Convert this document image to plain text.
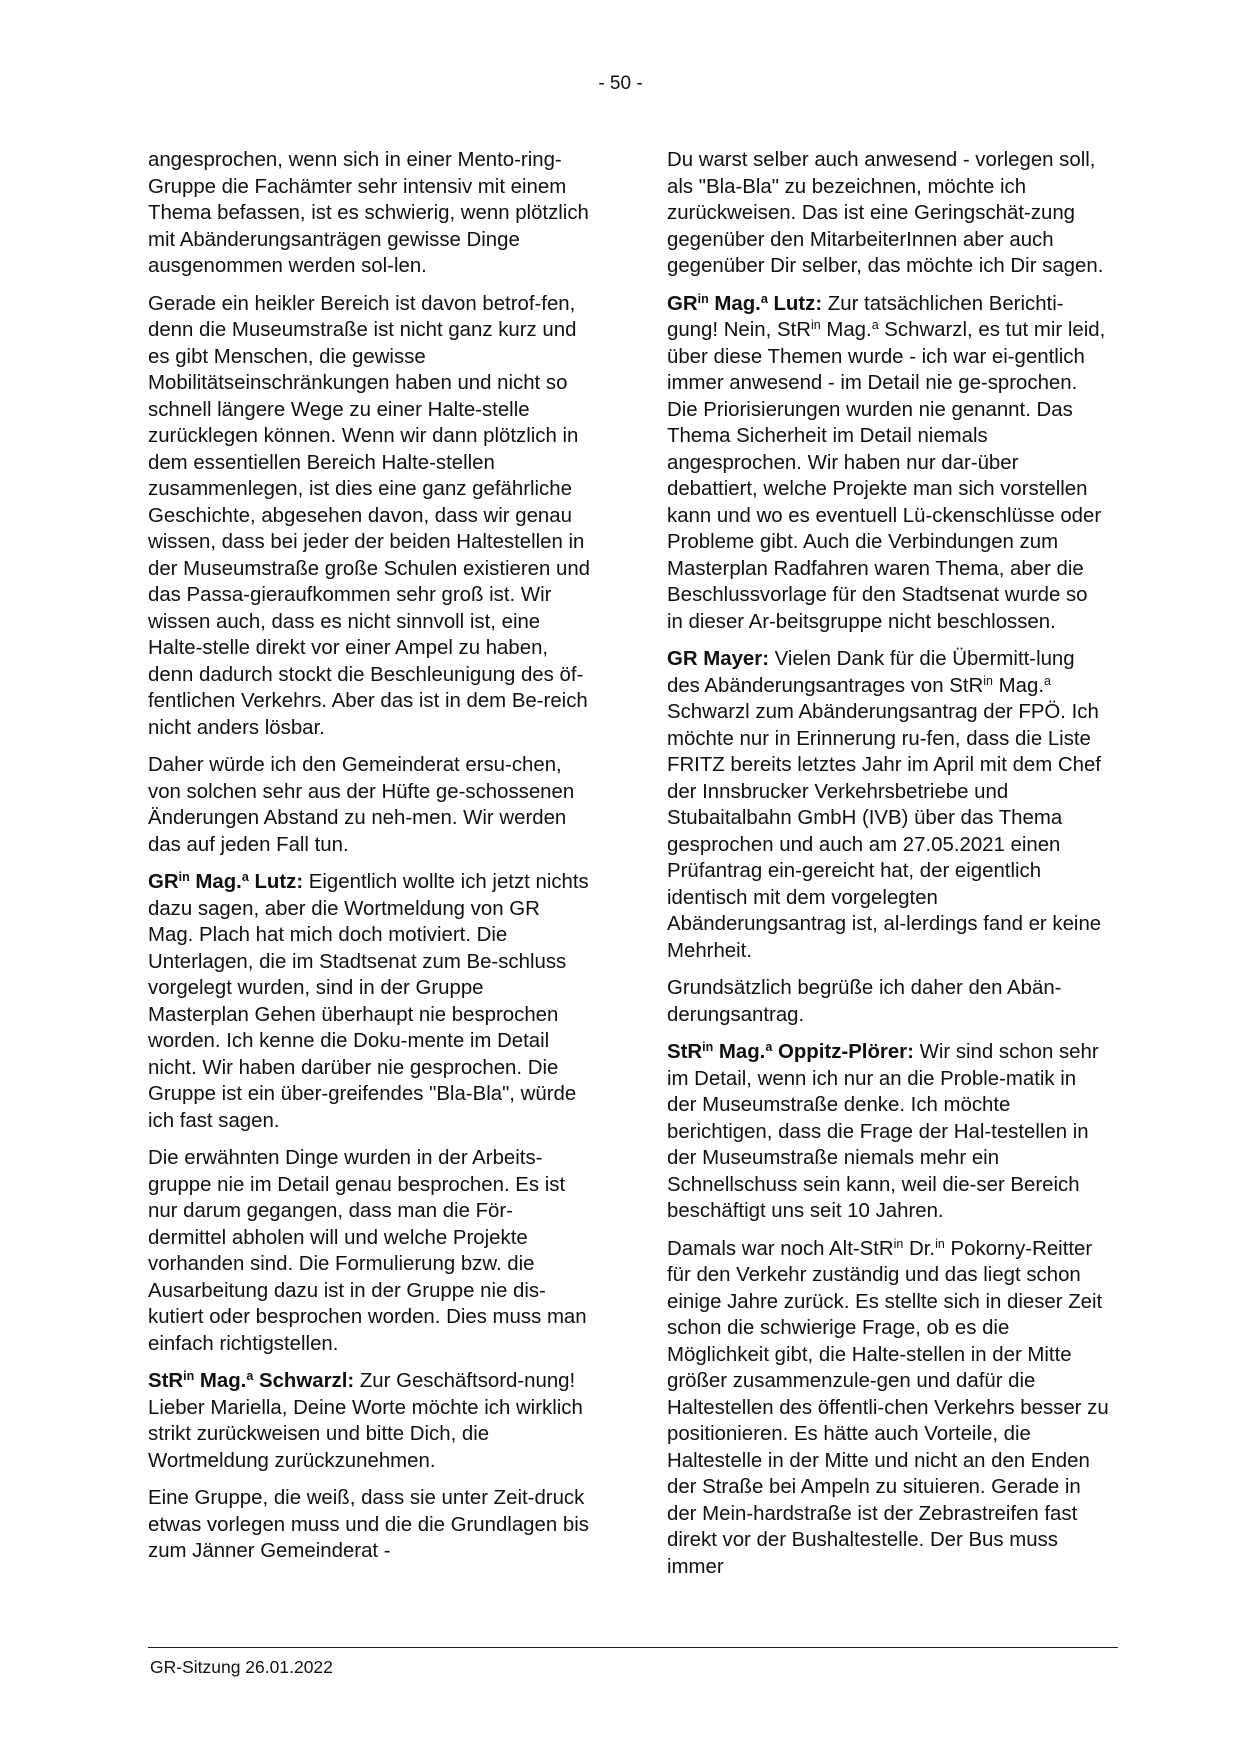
- 50 -

angesprochen, wenn sich in einer Mento-ring-Gruppe die Fachämter sehr intensiv mit einem Thema befassen, ist es schwierig, wenn plötzlich mit Abänderungsanträgen gewisse Dinge ausgenommen werden sol-len.

Gerade ein heikler Bereich ist davon betrof-fen, denn die Museumstraße ist nicht ganz kurz und es gibt Menschen, die gewisse Mobilitätseinschränkungen haben und nicht so schnell längere Wege zu einer Halte-stelle zurücklegen können. Wenn wir dann plötzlich in dem essentiellen Bereich Halte-stellen zusammenlegen, ist dies eine ganz gefährliche Geschichte, abgesehen davon, dass wir genau wissen, dass bei jeder der beiden Haltestellen in der Museumstraße große Schulen existieren und das Passa-gieraufkommen sehr groß ist. Wir wissen auch, dass es nicht sinnvoll ist, eine Halte-stelle direkt vor einer Ampel zu haben, denn dadurch stockt die Beschleunigung des öf-fentlichen Verkehrs. Aber das ist in dem Be-reich nicht anders lösbar.

Daher würde ich den Gemeinderat ersu-chen, von solchen sehr aus der Hüfte ge-schossenen Änderungen Abstand zu neh-men. Wir werden das auf jeden Fall tun.

$GR^{in}$ Mag.$^a$ Lutz: Eigentlich wollte ich jetzt nichts dazu sagen, aber die Wortmeldung von GR Mag. Plach hat mich doch motiviert. Die Unterlagen, die im Stadtsenat zum Be-schluss vorgelegt wurden, sind in der Gruppe Masterplan Gehen überhaupt nie besprochen worden. Ich kenne die Doku-mente im Detail nicht. Wir haben darüber nie gesprochen. Die Gruppe ist ein über-greifendes "Bla-Bla", würde ich fast sagen.

Die erwähnten Dinge wurden in der Arbeits-gruppe nie im Detail genau besprochen. Es ist nur darum gegangen, dass man die För-dermittel abholen will und welche Projekte vorhanden sind. Die Formulierung bzw. die Ausarbeitung dazu ist in der Gruppe nie dis-kutiert oder besprochen worden. Dies muss man einfach richtigstellen.

StR$^{in}$ Mag.$^a$ Schwarzl: Zur Geschäftsord-nung! Lieber Mariella, Deine Worte möchte ich wirklich strikt zurückweisen und bitte Dich, die Wortmeldung zurückzunehmen.

Eine Gruppe, die weiß, dass sie unter Zeit-druck etwas vorlegen muss und die die Grundlagen bis zum Jänner Gemeinderat -

Du warst selber auch anwesend - vorlegen soll, als "Bla-Bla" zu bezeichnen, möchte ich zurückweisen. Das ist eine Geringschät-zung gegenüber den MitarbeiterInnen aber auch gegenüber Dir selber, das möchte ich Dir sagen.

$GR^{in}$ Mag.$^a$ Lutz: Zur tatsächlichen Berichti-gung! Nein, StR$^{in}$ Mag.$^a$ Schwarzl, es tut mir leid, über diese Themen wurde - ich war ei-gentlich immer anwesend - im Detail nie ge-sprochen. Die Priorisierungen wurden nie genannt. Das Thema Sicherheit im Detail niemals angesprochen. Wir haben nur dar-über debattiert, welche Projekte man sich vorstellen kann und wo es eventuell Lü-ckenschlüsse oder Probleme gibt. Auch die Verbindungen zum Masterplan Radfahren waren Thema, aber die Beschlussvorlage für den Stadtsenat wurde so in dieser Ar-beitsgruppe nicht beschlossen.

GR Mayer: Vielen Dank für die Übermitt-lung des Abänderungsantrages von StR$^{in}$ Mag.$^a$ Schwarzl zum Abänderungsantrag der FPÖ. Ich möchte nur in Erinnerung ru-fen, dass die Liste FRITZ bereits letztes Jahr im April mit dem Chef der Innsbrucker Verkehrsbetriebe und Stubaitalbahn GmbH (IVB) über das Thema gesprochen und auch am 27.05.2021 einen Prüfantrag ein-gereicht hat, der eigentlich identisch mit dem vorgelegten Abänderungsantrag ist, al-lerdings fand er keine Mehrheit.

Grundsätzlich begrüße ich daher den Abän-derungsantrag.

StR$^{in}$ Mag.$^a$ Oppitz-Plörer: Wir sind schon sehr im Detail, wenn ich nur an die Proble-matik in der Museumstraße denke. Ich möchte berichtigen, dass die Frage der Hal-testellen in der Museumstraße niemals mehr ein Schnellschuss sein kann, weil die-ser Bereich beschäftigt uns seit 10 Jahren.

Damals war noch Alt-StR$^{in}$ Dr.$^{in}$ Pokorny-Reitter für den Verkehr zuständig und das liegt schon einige Jahre zurück. Es stellte sich in dieser Zeit schon die schwierige Frage, ob es die Möglichkeit gibt, die Halte-stellen in der Mitte größer zusammenzule-gen und dafür die Haltestellen des öffentli-chen Verkehrs besser zu positionieren. Es hätte auch Vorteile, die Haltestelle in der Mitte und nicht an den Enden der Straße bei Ampeln zu situieren. Gerade in der Mein-hardstraße ist der Zebrastreifen fast direkt vor der Bushaltestelle. Der Bus muss immer

GR-Sitzung 26.01.2022
